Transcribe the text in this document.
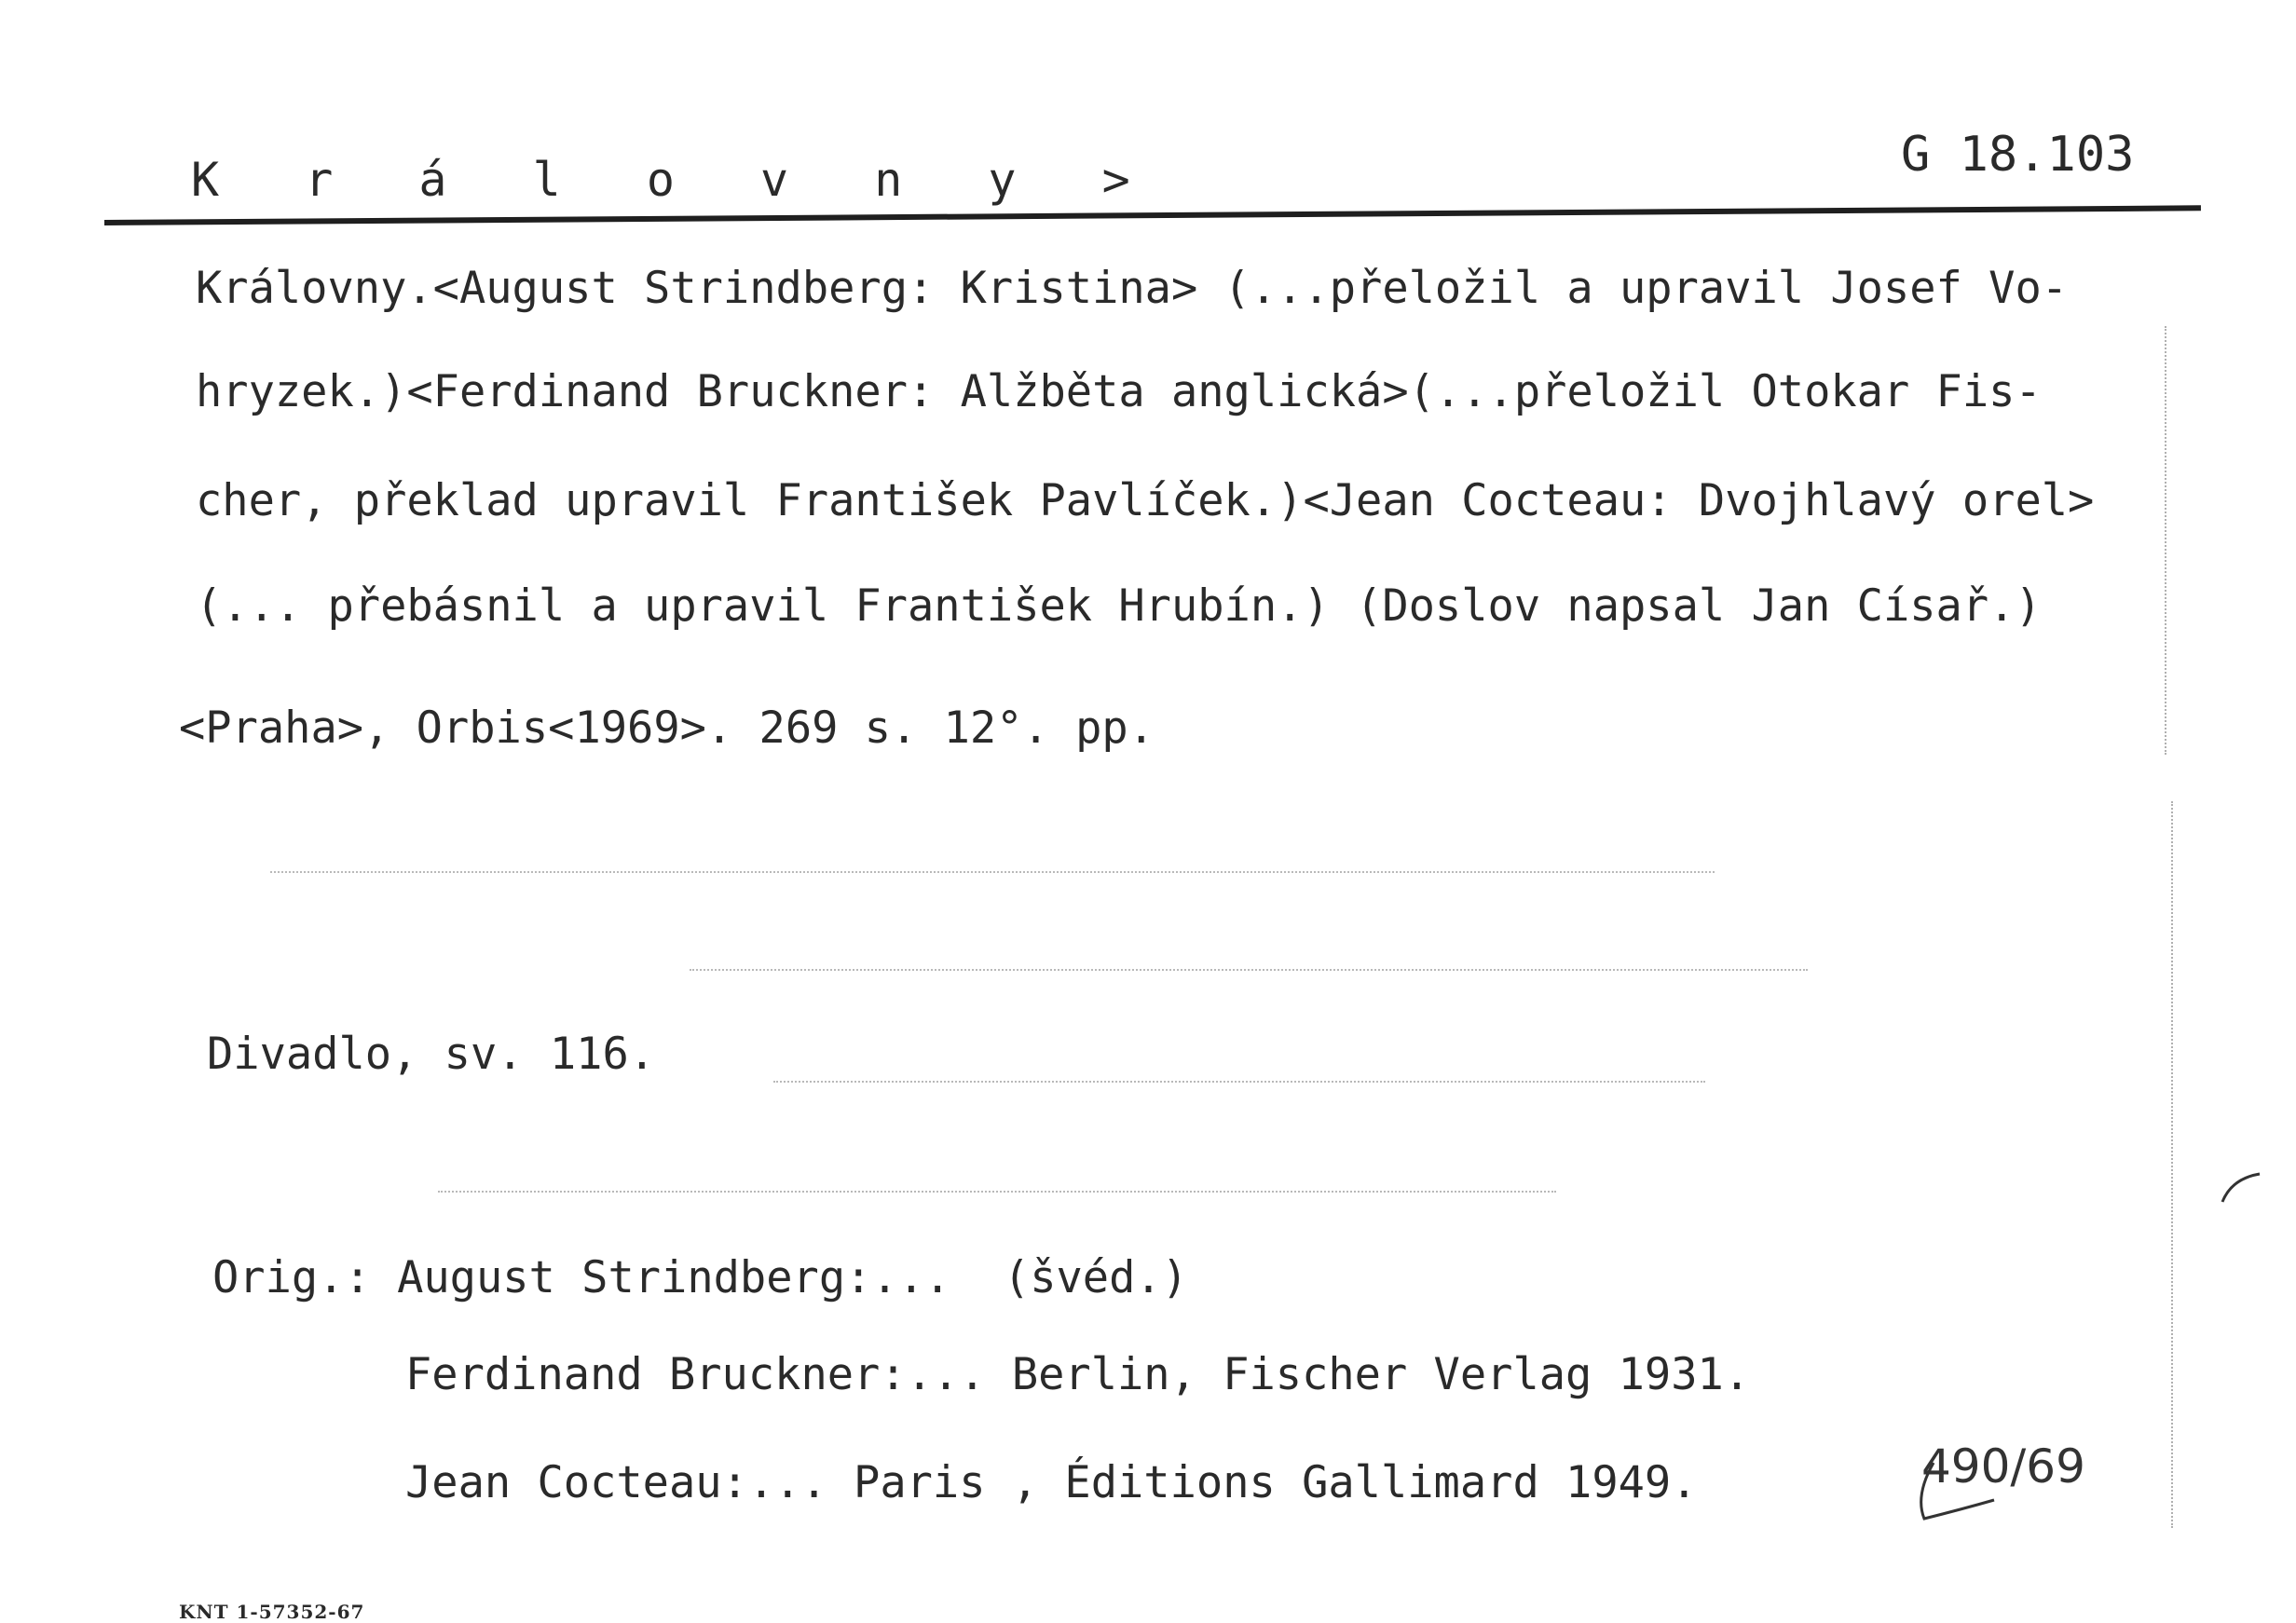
K r á l o v n y >	G 18.103
Královny.<August Strindberg: Kristina> (...přeložil a upravil Josef Vo-
hryzek.)<Ferdinand Bruckner: Alžběta anglická>(...přeložil Otokar Fis-
cher, překlad upravil František Pavlíček.)<Jean Cocteau: Dvojhlavý orel>
(... přebásnil a upravil František Hrubín.) (Doslov napsal Jan Císař.)
<Praha>, Orbis<1969>. 269 s. 12°. pp.
Divadlo, sv. 116.
Orig.: August Strindberg:...  (švéd.)
Ferdinand Bruckner:... Berlin, Fischer Verlag 1931.
Jean Cocteau:... Paris , Éditions Gallimard 1949.	490/69
KNT 1-57352-67
